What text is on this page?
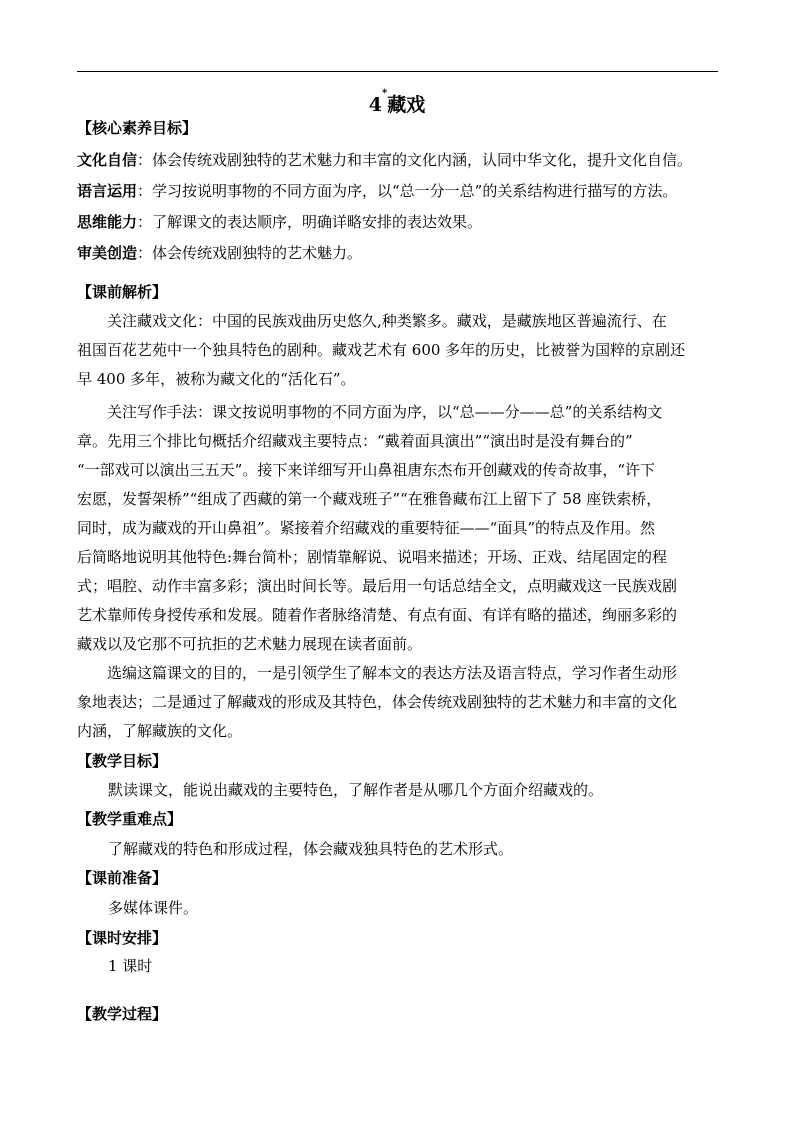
4*藏戏
【核心素养目标】
文化自信：体会传统戏剧独特的艺术魅力和丰富的文化内涵，认同中华文化，提升文化自信。
语言运用：学习按说明事物的不同方面为序，以“总一分一总”的关系结构进行描写的方法。
思维能力：了解课文的表达顺序，明确详略安排的表达效果。
审美创造：体会传统戏剧独特的艺术魅力。
【课前解析】
关注藏戏文化：中国的民族戏曲历史悠久,种类繁多。藏戏，是藏族地区普遍流行、在
祖国百花艺苑中一个独具特色的剧种。藏戏艺术有 600 多年的历史，比被誉为国粹的京剧还
早 400 多年，被称为藏文化的“活化石”。
关注写作手法：课文按说明事物的不同方面为序，以“总——分——总”的关系结构文
章。先用三个排比句概括介绍藏戏主要特点：“戴着面具演出”“演出时是没有舞台的”
“一部戏可以演出三五天”。接下来详细写开山鼻祖唐东杰布开创藏戏的传奇故事，“许下
宏愿，发誓架桥”“组成了西藏的第一个藏戏班子”“在雅鲁藏布江上留下了 58 座铁索桥，
同时，成为藏戏的开山鼻祖”。紧接着介绍藏戏的重要特征——“面具”的特点及作用。然
后简略地说明其他特色:舞台简朴；剧情靠解说、说唱来描述；开场、正戏、结尾固定的程
式；唱腔、动作丰富多彩；演出时间长等。最后用一句话总结全文，点明藏戏这一民族戏剧
艺术靠师传身授传承和发展。随着作者脉络清楚、有点有面、有详有略的描述，绚丽多彩的
藏戏以及它那不可抗拒的艺术魅力展现在读者面前。
选编这篇课文的目的，一是引领学生了解本文的表达方法及语言特点，学习作者生动形
象地表达；二是通过了解藏戏的形成及其特色，体会传统戏剧独特的艺术魅力和丰富的文化
内涵，了解藏族的文化。
【教学目标】
默读课文，能说出藏戏的主要特色，了解作者是从哪几个方面介绍藏戏的。
【教学重难点】
了解藏戏的特色和形成过程，体会藏戏独具特色的艺术形式。
【课前准备】
多媒体课件。
【课时安排】
1 课时
【教学过程】
